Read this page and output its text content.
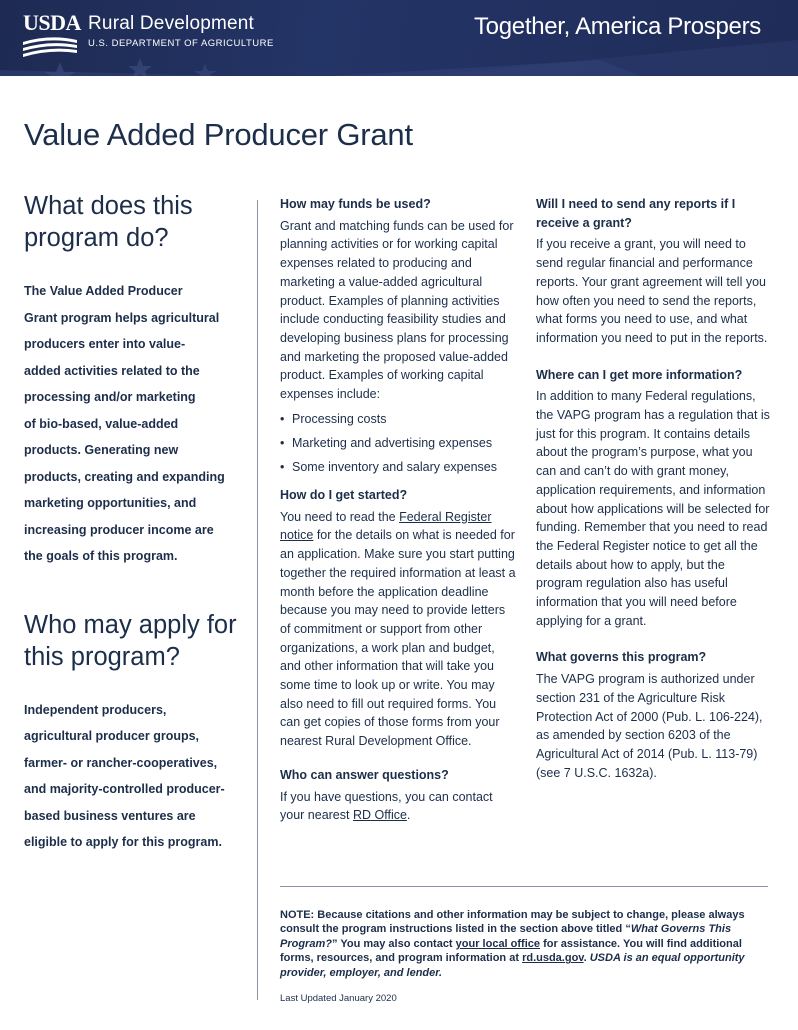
USDA Rural Development
U.S. DEPARTMENT OF AGRICULTURE
Together, America Prospers
Value Added Producer Grant
What does this program do?
The Value Added Producer
Grant program helps agricultural
producers enter into value-
added activities related to the
processing and/or marketing
of bio-based, value-added
products. Generating new
products, creating and expanding
marketing opportunities, and
increasing producer income are
the goals of this program.
Who may apply for this program?
Independent producers,
agricultural producer groups,
farmer- or rancher-cooperatives,
and majority-controlled producer-
based business ventures are
eligible to apply for this program.
How may funds be used?
Grant and matching funds can be used for planning activities or for working capital expenses related to producing and marketing a value-added agricultural product. Examples of planning activities include conducting feasibility studies and developing business plans for processing and marketing the proposed value-added product. Examples of working capital expenses include:
• Processing costs
• Marketing and advertising expenses
• Some inventory and salary expenses
How do I get started?
You need to read the Federal Register notice for the details on what is needed for an application. Make sure you start putting together the required information at least a month before the application deadline because you may need to provide letters of commitment or support from other organizations, a work plan and budget, and other information that will take you some time to look up or write. You may also need to fill out required forms. You can get copies of those forms from your nearest Rural Development Office.
Who can answer questions?
If you have questions, you can contact your nearest RD Office.
Will I need to send any reports if I receive a grant?
If you receive a grant, you will need to send regular financial and performance reports. Your grant agreement will tell you how often you need to send the reports, what forms you need to use, and what information you need to put in the reports.
Where can I get more information?
In addition to many Federal regulations, the VAPG program has a regulation that is just for this program. It contains details about the program’s purpose, what you can and can’t do with grant money, application requirements, and information about how applications will be selected for funding. Remember that you need to read the Federal Register notice to get all the details about how to apply, but the program regulation also has useful information that you will need before applying for a grant.
What governs this program?
The VAPG program is authorized under section 231 of the Agriculture Risk Protection Act of 2000 (Pub. L. 106-224), as amended by section 6203 of the Agricultural Act of 2014 (Pub. L. 113-79) (see 7 U.S.C. 1632a).
NOTE: Because citations and other information may be subject to change, please always consult the program instructions listed in the section above titled “What Governs This Program?” You may also contact your local office for assistance. You will find additional forms, resources, and program information at rd.usda.gov. USDA is an equal opportunity provider, employer, and lender.
Last Updated January 2020
